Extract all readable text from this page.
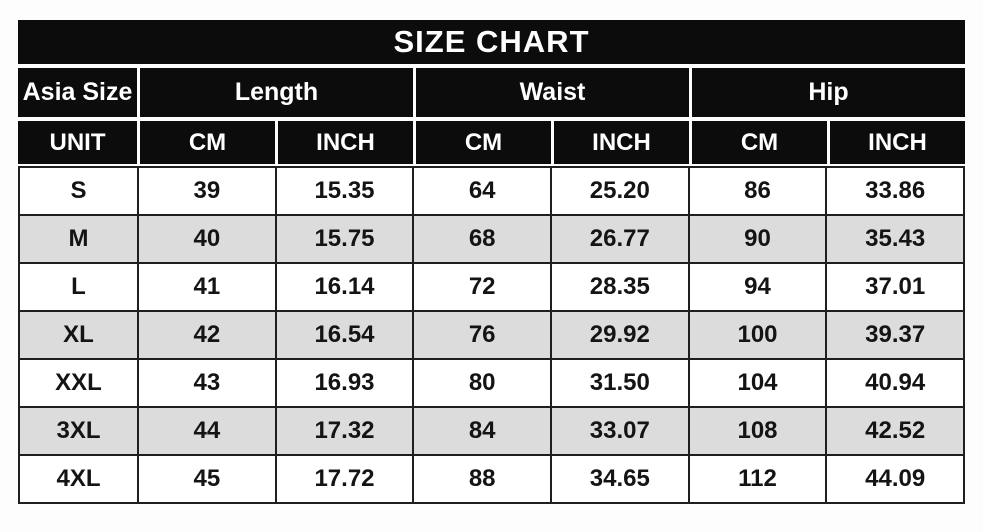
SIZE CHART
Asia Size	Length	Waist	Hip
UNIT	CM	INCH	CM	INCH	CM	INCH
S	39	15.35	64	25.20	86	33.86
M	40	15.75	68	26.77	90	35.43
L	41	16.14	72	28.35	94	37.01
XL	42	16.54	76	29.92	100	39.37
XXL	43	16.93	80	31.50	104	40.94
3XL	44	17.32	84	33.07	108	42.52
4XL	45	17.72	88	34.65	112	44.09
